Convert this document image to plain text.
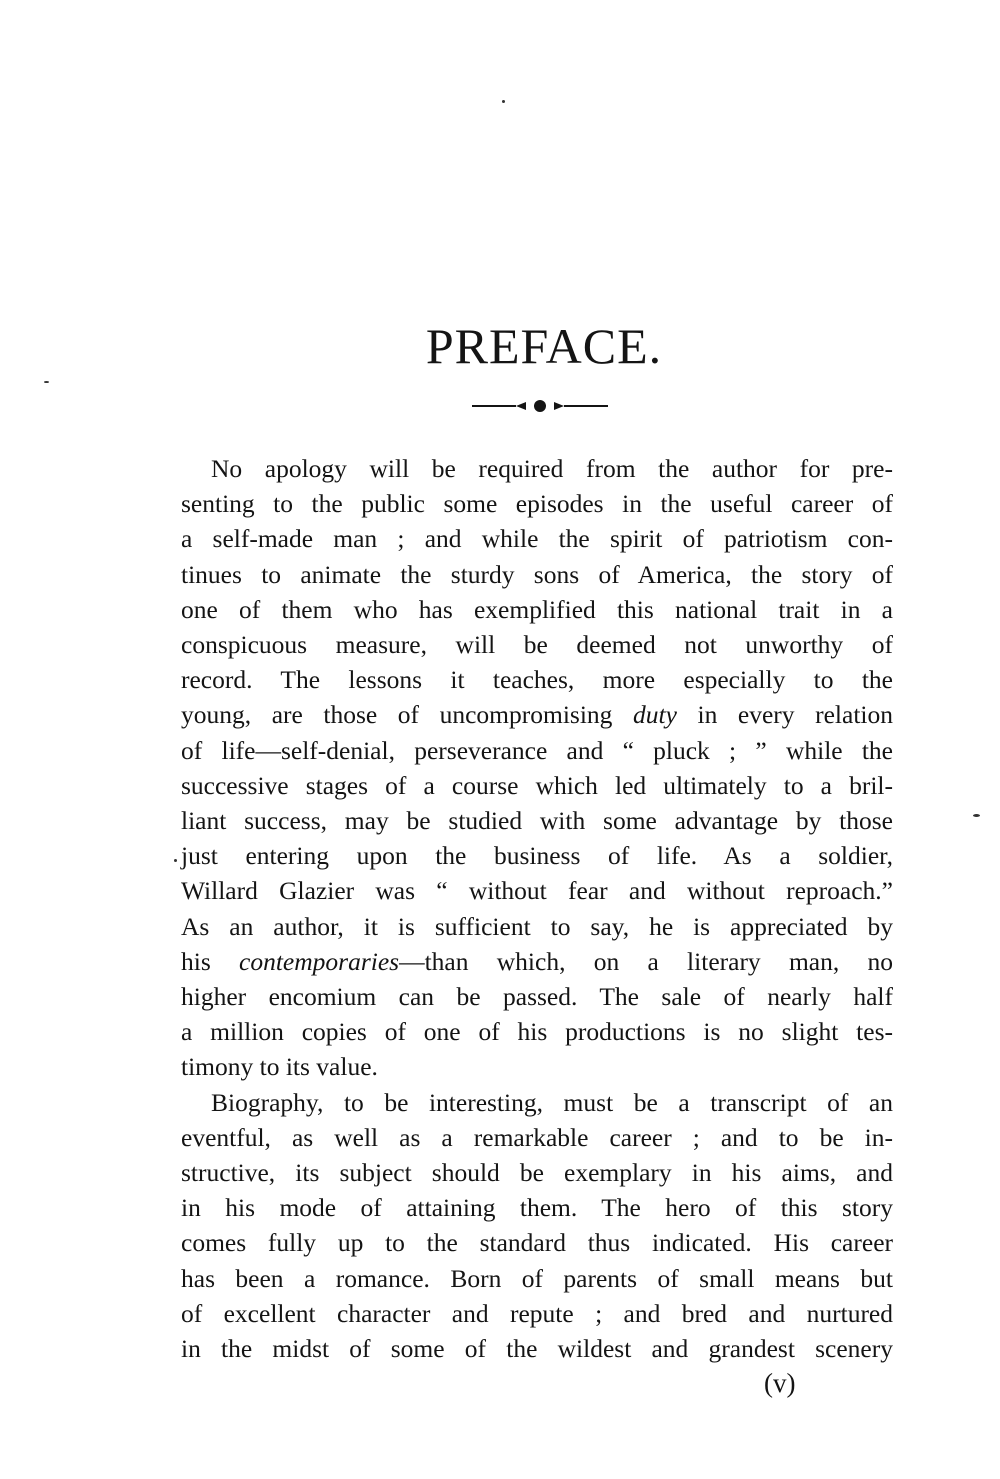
PREFACE.
No apology will be required from the author for pre-
senting to the public some episodes in the useful career of
a self-made man ; and while the spirit of patriotism con-
tinues to animate the sturdy sons of America, the story of
one of them who has exemplified this national trait in a
conspicuous measure, will be deemed not unworthy of
record. The lessons it teaches, more especially to the
young, are those of uncompromising duty in every relation
of life—self-denial, perseverance and “ pluck ; ” while the
successive stages of a course which led ultimately to a bril-
liant success, may be studied with some advantage by those
just entering upon the business of life. As a soldier,
Willard Glazier was “ without fear and without reproach.”
As an author, it is sufficient to say, he is appreciated by
his contemporaries—than which, on a literary man, no
higher encomium can be passed. The sale of nearly half
a million copies of one of his productions is no slight tes-
timony to its value.
Biography, to be interesting, must be a transcript of an
eventful, as well as a remarkable career ; and to be in-
structive, its subject should be exemplary in his aims, and
in his mode of attaining them. The hero of this story
comes fully up to the standard thus indicated. His career
has been a romance. Born of parents of small means but
of excellent character and repute ; and bred and nurtured
in the midst of some of the wildest and grandest scenery
(v)
